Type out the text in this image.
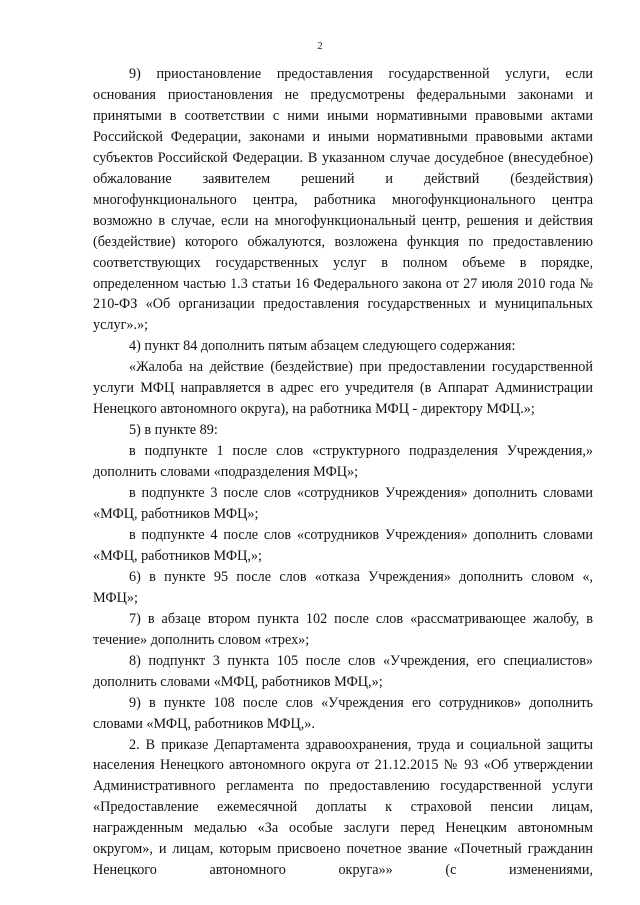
2

9) приостановление предоставления государственной услуги, если основания приостановления не предусмотрены федеральными законами и принятыми в соответствии с ними иными нормативными правовыми актами Российской Федерации, законами и иными нормативными правовыми актами субъектов Российской Федерации. В указанном случае досудебное (внесудебное) обжалование заявителем решений и действий (бездействия) многофункционального центра, работника многофункционального центра возможно в случае, если на многофункциональный центр, решения и действия (бездействие) которого обжалуются, возложена функция по предоставлению соответствующих государственных услуг в полном объеме в порядке, определенном частью 1.3 статьи 16 Федерального закона от 27 июля 2010 года № 210-ФЗ «Об организации предоставления государственных и муниципальных услуг».»;

4) пункт 84 дополнить пятым абзацем следующего содержания:

«Жалоба на действие (бездействие) при предоставлении государственной услуги МФЦ направляется в адрес его учредителя (в Аппарат Администрации Ненецкого автономного округа), на работника МФЦ - директору МФЦ.»;

5) в пункте 89:

в подпункте 1 после слов «структурного подразделения Учреждения,» дополнить словами «подразделения МФЦ»;

в подпункте 3 после слов «сотрудников Учреждения» дополнить словами «МФЦ, работников МФЦ»;

в подпункте 4 после слов «сотрудников Учреждения» дополнить словами «МФЦ, работников МФЦ,»;

6) в пункте 95 после слов «отказа Учреждения» дополнить словом «, МФЦ»;

7) в абзаце втором пункта 102 после слов «рассматривающее жалобу, в течение» дополнить словом «трех»;

8) подпункт 3 пункта 105 после слов «Учреждения, его специалистов» дополнить словами «МФЦ, работников МФЦ,»;

9) в пункте 108 после слов «Учреждения его сотрудников» дополнить словами «МФЦ, работников МФЦ,».

2. В приказе Департамента здравоохранения, труда и социальной защиты населения Ненецкого автономного округа от 21.12.2015 № 93 «Об утверждении Административного регламента по предоставлению государственной услуги «Предоставление ежемесячной доплаты к страховой пенсии лицам, награжденным медалью «За особые заслуги перед Ненецким автономным округом», и лицам, которым присвоено почетное звание «Почетный гражданин Ненецкого автономного округа»» (с изменениями,
